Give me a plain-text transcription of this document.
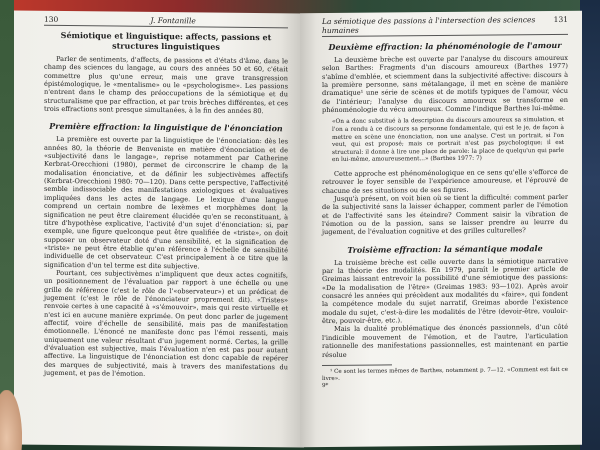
130	J. Fontanille
Sémiotique et linguistique: affects, passions et structures linguistiques

Parler de sentiments, d'affects, de passions et d'états d'âme, dans le champ des sciences du langage, au cours des années 50 et 60, c'était commettre plus qu'une erreur, mais une grave transgression épistémologique, le «mentalisme» ou le «psychologisme». Les passions n'entrent dans le champ des préoccupations de la sémiotique et du structuralisme que par effraction, et par trois brèches différentes, et ces trois effractions sont presque simultanées, à la fin des années 80.

Première effraction: la linguistique de l'énonciation

La première est ouverte par la linguistique de l'énonciation: dès les années 80, la théorie de Benveniste en matière d'énonciation et de «subjectivité dans le langage», reprise notamment par Catherine Kerbrat-Orecchioni (1980), permet de circonscrire le champ de la modalisation énonciative, et de définir les subjectivèmes affectifs (Kerbrat-Orecchioni 1980: 70—120). Dans cette perspective, l'affectivité semble indissociable des manifestations axiologiques et évaluatives impliquées dans les actes de langage. Le lexique d'une langue comprend un certain nombre de lexèmes et morphèmes dont la signification ne peut être clairement élucidée qu'en se reconstituant, à titre d'hypothèse explicative, l'activité d'un sujet d'énonciation: si, par exemple, une figure quelconque peut être qualifiée de «triste», on doit supposer un observateur doté d'une sensibilité, et la signification de «triste» ne peut être établie qu'en référence à l'échelle de sensibilité individuelle de cet observateur. C'est principalement à ce titre que la signification d'un tel terme est dite subjective.

Pourtant, ces subjectivèmes n'impliquent que deux actes cognitifs, un positionnement de l'évaluation par rapport à une échelle ou une grille de référence (c'est le rôle de l'«observateur») et un prédicat de jugement (c'est le rôle de l'énonciateur proprement dit). «Tristes» renvoie certes à une capacité à «s'émouvoir», mais qui reste virtuelle et n'est ici en aucune manière exprimée. On peut donc parler de jugement affectif, voire d'échelle de sensibilité, mais pas de manifestation émotionnelle. L'énoncé ne manifeste donc pas l'émoi ressenti, mais uniquement une valeur résultant d'un jugement normé. Certes, la grille d'évaluation est subjective, mais l'évaluation n'en est pas pour autant affective. La linguistique de l'énonciation est donc capable de repérer des marques de subjectivité, mais à travers des manifestations du jugement, et pas de l'émotion.

La sémiotique des passions à l'intersection des sciences humaines
131
Deuxième effraction: la phénoménologie de l'amour

La deuxième brèche est ouverte par l'analyse du discours amoureux selon Barthes: Fragments d'un discours amoureux (Barthes 1977) s'abîme d'emblée, et sciemment dans la subjectivité affective: discours à la première personne, sans métalangage, il met en scène de manière dramatique¹ une série de scènes et de motifs typiques de l'amour, vécu de l'intérieur; l'analyse du discours amoureux se transforme en phénoménologie du vécu amoureux. Comme l'indique Barthes lui-même.

«On a donc substitué à la description du discours amoureux sa simulation, et l'on a rendu à ce discours sa personne fondamentale, qui est le je, de façon à mettre en scène une énonciation, non une analyse. C'est un portrait, si l'on veut, qui est proposé; mais ce portrait n'est pas psychologique; il est structural: il donne à lire une place de parole: la place de quelqu'un qui parle en lui-même, amoureusement...» (Barthes 1977: 7)

Cette approche est phénoménologique en ce sens qu'elle s'efforce de retrouver le foyer sensible de l'expérience amoureuse, et l'éprouvé de chacune de ses situations ou de ses figures.

Jusqu'à présent, on voit bien où se tient la difficulté: comment parler de la subjectivité sans la laisser échapper, comment parler de l'émotion et de l'affectivité sans les éteindre? Comment saisir la vibration de l'émotion ou de la passion, sans se laisser prendre au leurre du jugement, de l'évaluation cognitive et des grilles culturelles?

Troisième effraction: la sémantique modale

La troisième brèche est celle ouverte dans la sémiotique narrative par la théorie des modalités. En 1979, paraît le premier article de Greimas laissant entrevoir la possibilité d'une sémiotique des passions: «De la modalisation de l'être» (Greimas 1983: 93—102). Après avoir consacré les années qui précèdent aux modalités du «faire», qui fondent la compétence modale du sujet narratif, Greimas aborde l'existence modale du sujet, c'est-à-dire les modalités de l'être (devoir-être, vouloir-être, pouvoir-être, etc.).

Mais la dualité problématique des énoncés passionnels, d'un côté l'indicible mouvement de l'émotion, et de l'autre, l'articulation rationnelle des manifestations passionnelles, est maintenant en partie résolue

¹ Ce sont les termes mêmes de Barthes, notamment p. 7—12. «Comment est fait ce livre».

9*
